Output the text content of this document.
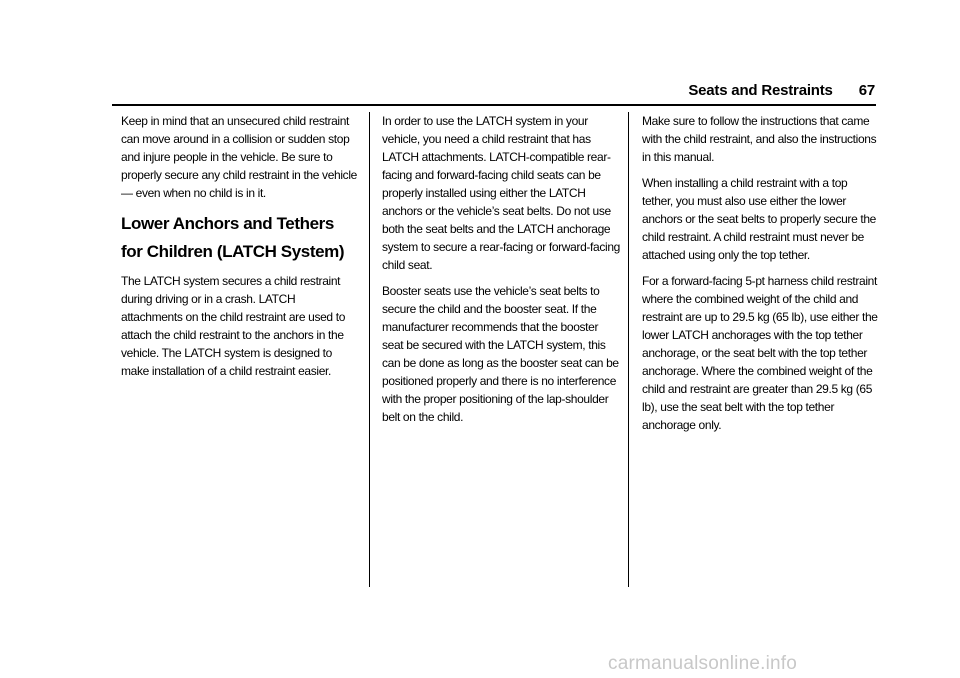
Seats and Restraints 67

Keep in mind that an unsecured child restraint can move around in a collision or sudden stop and injure people in the vehicle. Be sure to properly secure any child restraint in the vehicle — even when no child is in it.

Lower Anchors and Tethers for Children (LATCH System)

The LATCH system secures a child restraint during driving or in a crash. LATCH attachments on the child restraint are used to attach the child restraint to the anchors in the vehicle. The LATCH system is designed to make installation of a child restraint easier.

In order to use the LATCH system in your vehicle, you need a child restraint that has LATCH attachments. LATCH-compatible rear-facing and forward-facing child seats can be properly installed using either the LATCH anchors or the vehicle’s seat belts. Do not use both the seat belts and the LATCH anchorage system to secure a rear-facing or forward-facing child seat.

Booster seats use the vehicle’s seat belts to secure the child and the booster seat. If the manufacturer recommends that the booster seat be secured with the LATCH system, this can be done as long as the booster seat can be positioned properly and there is no interference with the proper positioning of the lap-shoulder belt on the child.

Make sure to follow the instructions that came with the child restraint, and also the instructions in this manual.

When installing a child restraint with a top tether, you must also use either the lower anchors or the seat belts to properly secure the child restraint. A child restraint must never be attached using only the top tether.

For a forward-facing 5-pt harness child restraint where the combined weight of the child and restraint are up to 29.5 kg (65 lb), use either the lower LATCH anchorages with the top tether anchorage, or the seat belt with the top tether anchorage. Where the combined weight of the child and restraint are greater than 29.5 kg (65 lb), use the seat belt with the top tether anchorage only.

carmanualsonline.info
